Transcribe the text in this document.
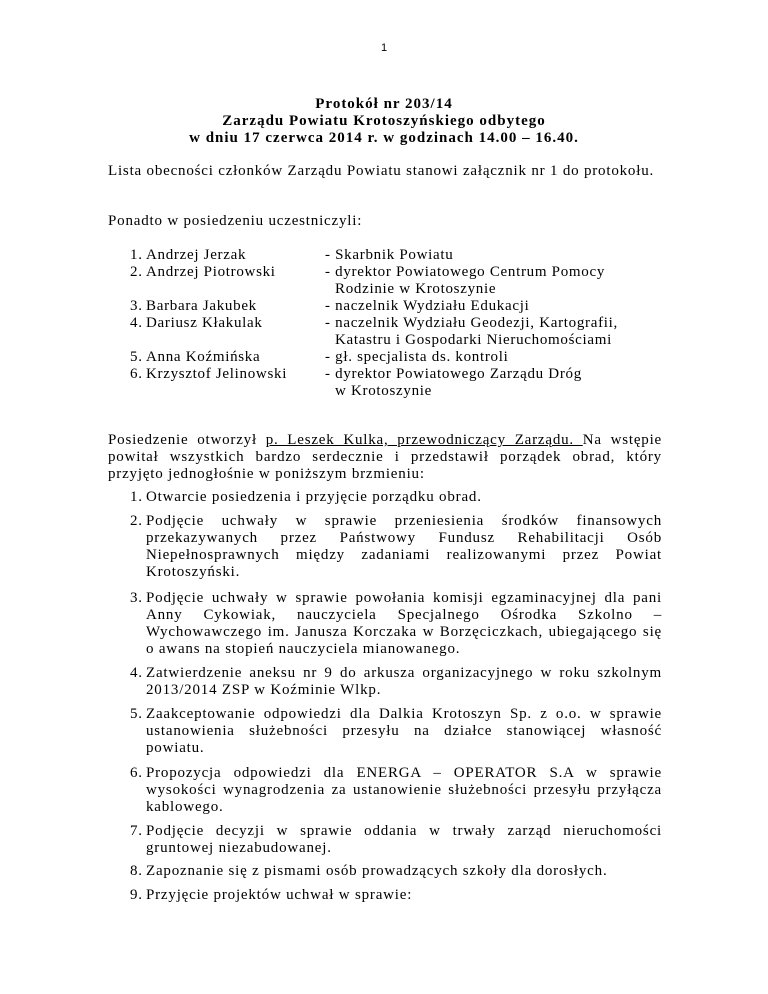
1
Protokół nr 203/14
Zarządu Powiatu Krotoszyńskiego odbytego
w dniu 17 czerwca 2014 r. w godzinach 14.00 – 16.40.
Lista obecności członków Zarządu Powiatu stanowi załącznik nr 1 do protokołu.
Ponadto w posiedzeniu uczestniczyli:
1. Andrzej Jerzak	- Skarbnik Powiatu
2. Andrzej Piotrowski	- dyrektor Powiatowego Centrum Pomocy
Rodzinie w Krotoszynie
3. Barbara Jakubek	- naczelnik Wydziału Edukacji
4. Dariusz Kłakulak	- naczelnik Wydziału Geodezji, Kartografii,
Katastru i Gospodarki Nieruchomościami
5. Anna Koźmińska	- gł. specjalista ds. kontroli
6. Krzysztof Jelinowski	- dyrektor Powiatowego Zarządu Dróg
w Krotoszynie
Posiedzenie otworzył p. Leszek Kulka, przewodniczący Zarządu. Na wstępie powitał wszystkich bardzo serdecznie i przedstawił porządek obrad, który przyjęto jednogłośnie w poniższym brzmieniu:
1. Otwarcie posiedzenia i przyjęcie porządku obrad.
2. Podjęcie uchwały w sprawie przeniesienia środków finansowych przekazywanych przez Państwowy Fundusz Rehabilitacji Osób Niepełnosprawnych między zadaniami realizowanymi przez Powiat Krotoszyński.
3. Podjęcie uchwały w sprawie powołania komisji egzaminacyjnej dla pani Anny Cykowiak, nauczyciela Specjalnego Ośrodka Szkolno – Wychowawczego im. Janusza Korczaka w Borzęciczkach, ubiegającego się o awans na stopień nauczyciela mianowanego.
4. Zatwierdzenie aneksu nr 9 do arkusza organizacyjnego w roku szkolnym 2013/2014 ZSP w Koźminie Wlkp.
5. Zaakceptowanie odpowiedzi dla Dalkia Krotoszyn Sp. z o.o. w sprawie ustanowienia służebności przesyłu na działce stanowiącej własność powiatu.
6. Propozycja odpowiedzi dla ENERGA – OPERATOR S.A w sprawie wysokości wynagrodzenia za ustanowienie służebności przesyłu przyłącza kablowego.
7. Podjęcie decyzji w sprawie oddania w trwały zarząd nieruchomości gruntowej niezabudowanej.
8. Zapoznanie się z pismami osób prowadzących szkoły dla dorosłych.
9. Przyjęcie projektów uchwał w sprawie:
